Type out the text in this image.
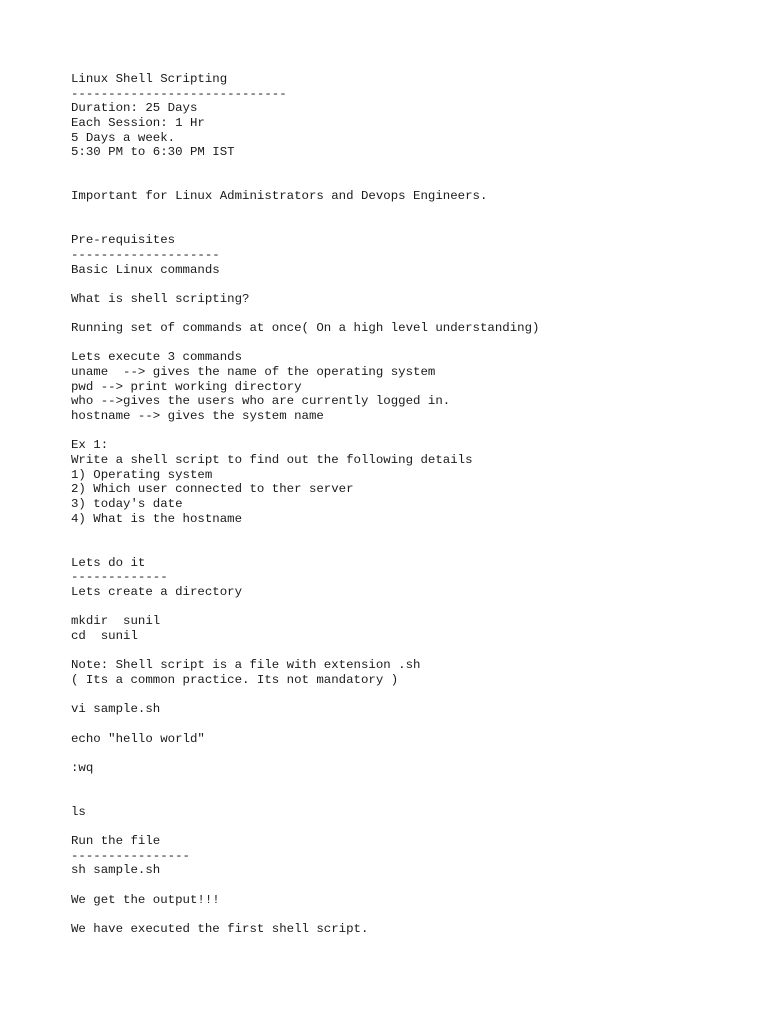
Linux Shell Scripting
-----------------------------
Duration: 25 Days
Each Session: 1 Hr
5 Days a week.
5:30 PM to 6:30 PM IST
Important for Linux Administrators and Devops Engineers.
Pre-requisites
--------------------
Basic Linux commands
What is shell scripting?
Running set of commands at once( On a high level understanding)
Lets execute 3 commands
uname  --> gives the name of the operating system
pwd --> print working directory
who -->gives the users who are currently logged in.
hostname --> gives the system name
Ex 1:
Write a shell script to find out the following details
1) Operating system
2) Which user connected to ther server
3) today's date
4) What is the hostname
Lets do it
-------------
Lets create a directory
mkdir  sunil
cd  sunil
Note: Shell script is a file with extension .sh
( Its a common practice. Its not mandatory )
vi sample.sh
echo "hello world"
:wq
ls
Run the file
----------------
sh sample.sh
We get the output!!!
We have executed the first shell script.
